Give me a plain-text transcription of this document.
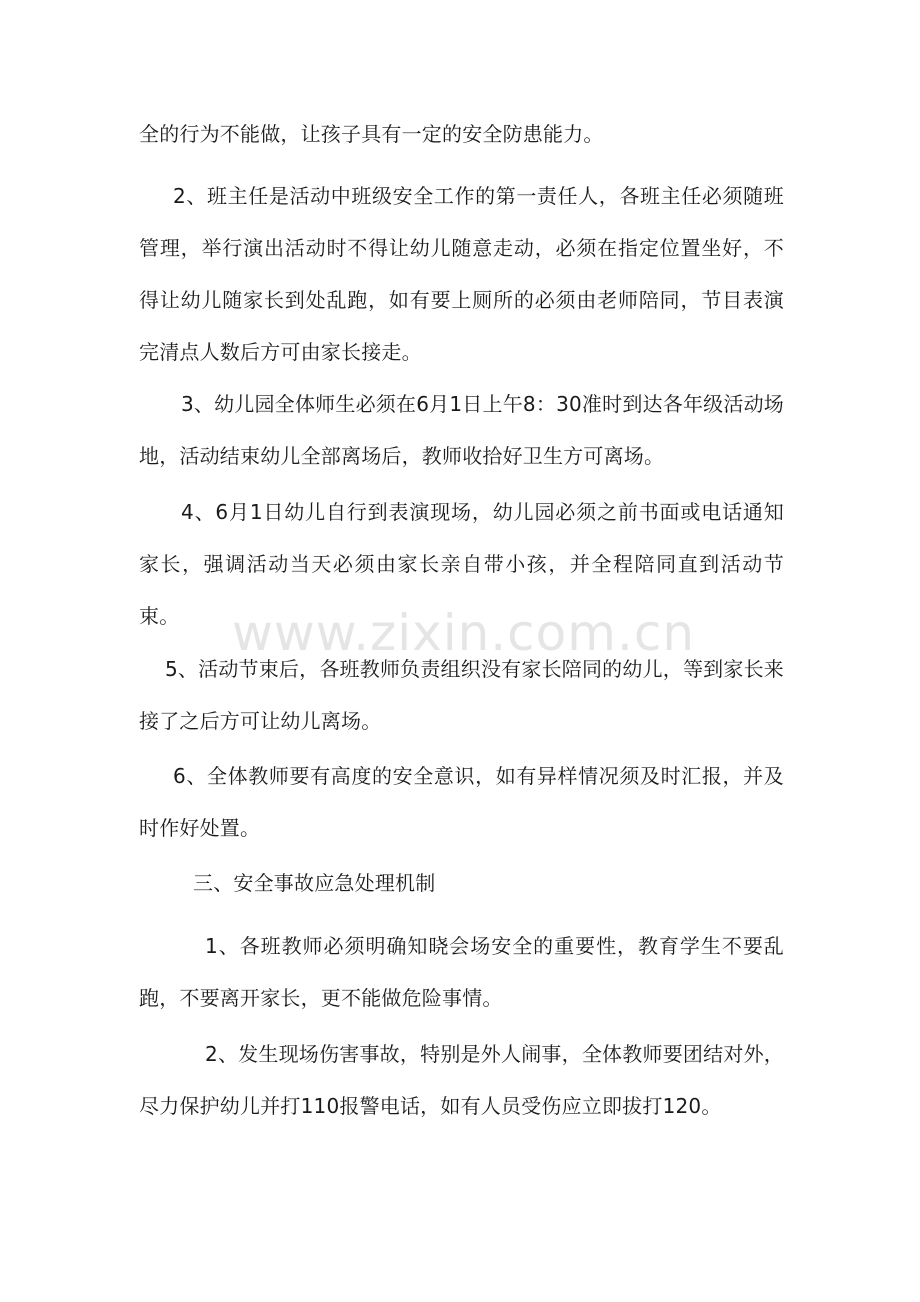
全的行为不能做，让孩子具有一定的安全防患能力。

2、班主任是活动中班级安全工作的第一责任人，各班主任必须随班管理，举行演出活动时不得让幼儿随意走动，必须在指定位置坐好，不得让幼儿随家长到处乱跑，如有要上厕所的必须由老师陪同，节目表演完清点人数后方可由家长接走。

3、幼儿园全体师生必须在6月1日上午8：30准时到达各年级活动场地，活动结束幼儿全部离场后，教师收拾好卫生方可离场。

4、6月1日幼儿自行到表演现场，幼儿园必须之前书面或电话通知家长，强调活动当天必须由家长亲自带小孩，并全程陪同直到活动节束。

5、活动节束后，各班教师负责组织没有家长陪同的幼儿，等到家长来接了之后方可让幼儿离场。

6、全体教师要有高度的安全意识，如有异样情况须及时汇报，并及时作好处置。

三、安全事故应急处理机制

1、各班教师必须明确知晓会场安全的重要性，教育学生不要乱跑，不要离开家长，更不能做危险事情。

2、发生现场伤害事故，特别是外人闹事，全体教师要团结对外，尽力保护幼儿并打110报警电话，如有人员受伤应立即拔打120。

www.zixin.com.cn
